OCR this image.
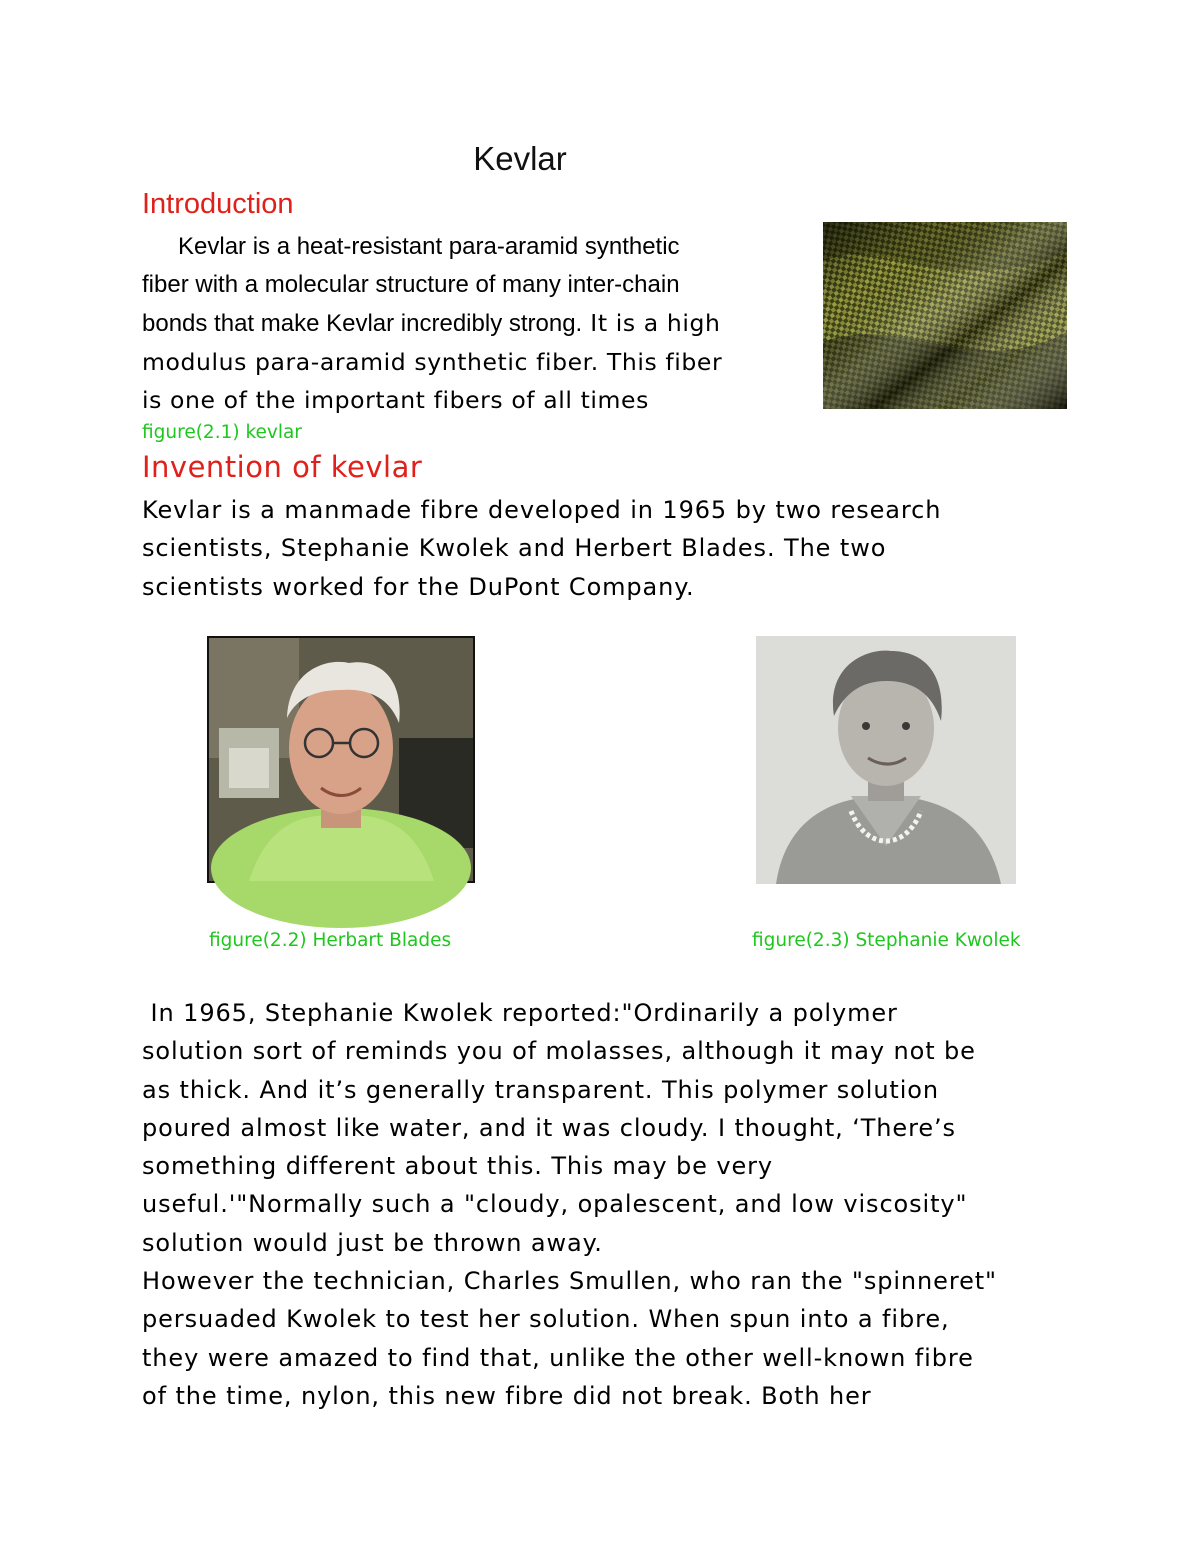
Kevlar
Introduction
Kevlar is a heat-resistant para-aramid synthetic
fiber with a molecular structure of many inter-chain
bonds that make Kevlar incredibly strong. It is a high
modulus para-aramid synthetic fiber. This fiber
is one of the important fibers of all times
figure(2.1) kevlar
Invention of kevlar
Kevlar is a manmade fibre developed in 1965 by two research
scientists, Stephanie Kwolek and Herbert Blades. The two
scientists worked for the DuPont Company.
figure(2.2) Herbart Blades	figure(2.3) Stephanie Kwolek
In 1965, Stephanie Kwolek reported:"Ordinarily a polymer
solution sort of reminds you of molasses, although it may not be
as thick. And it’s generally transparent. This polymer solution
poured almost like water, and it was cloudy. I thought, ‘There’s
something different about this. This may be very
useful.'"Normally such a "cloudy, opalescent, and low viscosity"
solution would just be thrown away.
However the technician, Charles Smullen, who ran the "spinneret"
persuaded Kwolek to test her solution. When spun into a fibre,
they were amazed to find that, unlike the other well-known fibre
of the time, nylon, this new fibre did not break. Both her
